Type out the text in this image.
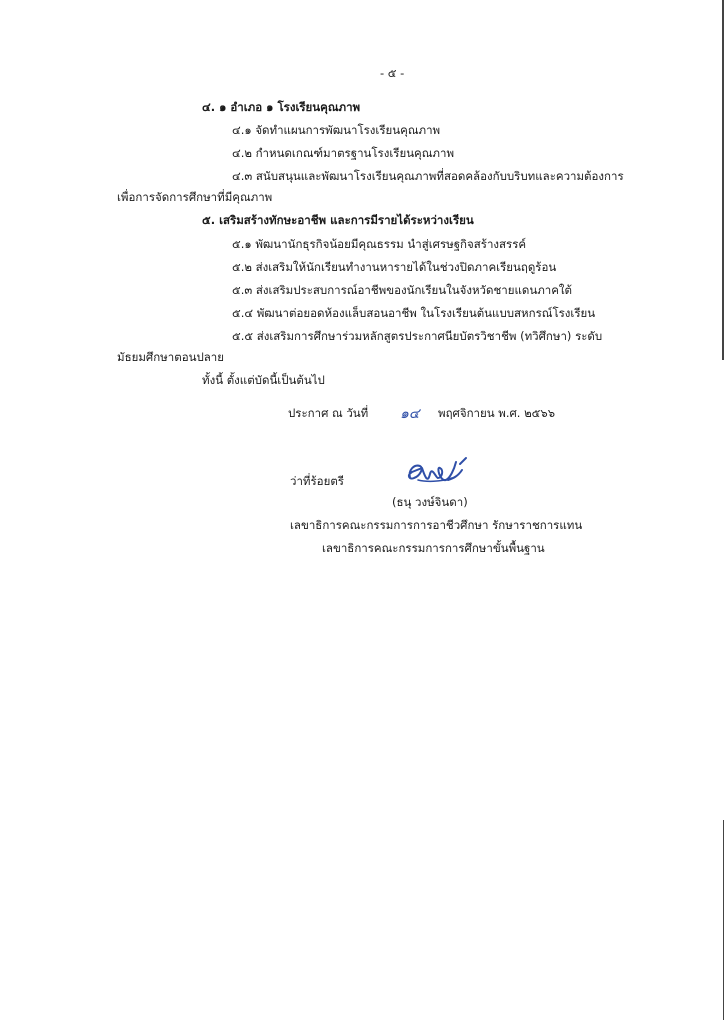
- ๕ -
๔. ๑ อำเภอ ๑ โรงเรียนคุณภาพ
๔.๑ จัดทำแผนการพัฒนาโรงเรียนคุณภาพ
๔.๒ กำหนดเกณฑ์มาตรฐานโรงเรียนคุณภาพ
๔.๓ สนับสนุนและพัฒนาโรงเรียนคุณภาพที่สอดคล้องกับบริบทและความต้องการ
เพื่อการจัดการศึกษาที่มีคุณภาพ
๕. เสริมสร้างทักษะอาชีพ และการมีรายได้ระหว่างเรียน
๕.๑ พัฒนานักธุรกิจน้อยมีคุณธรรม นำสู่เศรษฐกิจสร้างสรรค์
๕.๒ ส่งเสริมให้นักเรียนทำงานหารายได้ในช่วงปิดภาคเรียนฤดูร้อน
๕.๓ ส่งเสริมประสบการณ์อาชีพของนักเรียนในจังหวัดชายแดนภาคใต้
๕.๔ พัฒนาต่อยอดห้องแล็บสอนอาชีพ ในโรงเรียนต้นแบบสหกรณ์โรงเรียน
๕.๕ ส่งเสริมการศึกษาร่วมหลักสูตรประกาศนียบัตรวิชาชีพ (ทวิศึกษา) ระดับ
มัธยมศึกษาตอนปลาย
ทั้งนี้ ตั้งแต่บัดนี้เป็นต้นไป
ประกาศ ณ วันที่ ๑๔ พฤศจิกายน พ.ศ. ๒๕๖๖
ว่าที่ร้อยตรี
(ธนุ วงษ์จินดา)
เลขาธิการคณะกรรมการการอาชีวศึกษา รักษาราชการแทน
เลขาธิการคณะกรรมการการศึกษาขั้นพื้นฐาน
